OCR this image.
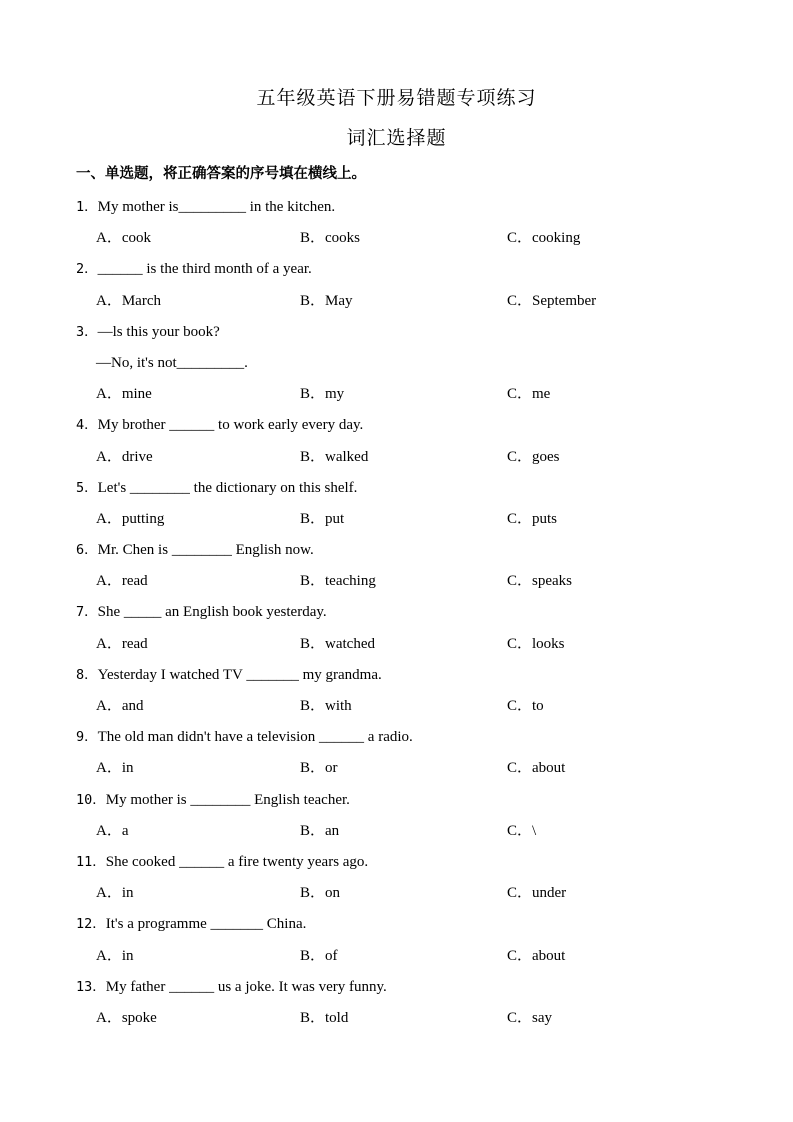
五年级英语下册易错题专项练习
词汇选择题
一、单选题，将正确答案的序号填在横线上。
1．My mother is_________ in the kitchen.
A．cook	B．cooks	C．cooking
2．______ is the third month of a year.
A．March	B．May	C．September
3．—ls this your book?
—No, it's not_________.
A．mine	B．my	C．me
4．My brother ______ to work early every day.
A．drive	B．walked	C．goes
5．Let's ________ the dictionary on this shelf.
A．putting	B．put	C．puts
6．Mr. Chen is ________ English now.
A．read	B．teaching	C．speaks
7．She _____ an English book yesterday.
A．read	B．watched	C．looks
8．Yesterday I watched TV _______ my grandma.
A．and	B．with	C．to
9．The old man didn't have a television ______ a radio.
A．in	B．or	C．about
10．My mother is ________ English teacher.
A．a	B．an	C．\
11．She cooked ______ a fire twenty years ago.
A．in	B．on	C．under
12．It's a programme _______ China.
A．in	B．of	C．about
13．My father ______ us a joke. It was very funny.
A．spoke	B．told	C．say
